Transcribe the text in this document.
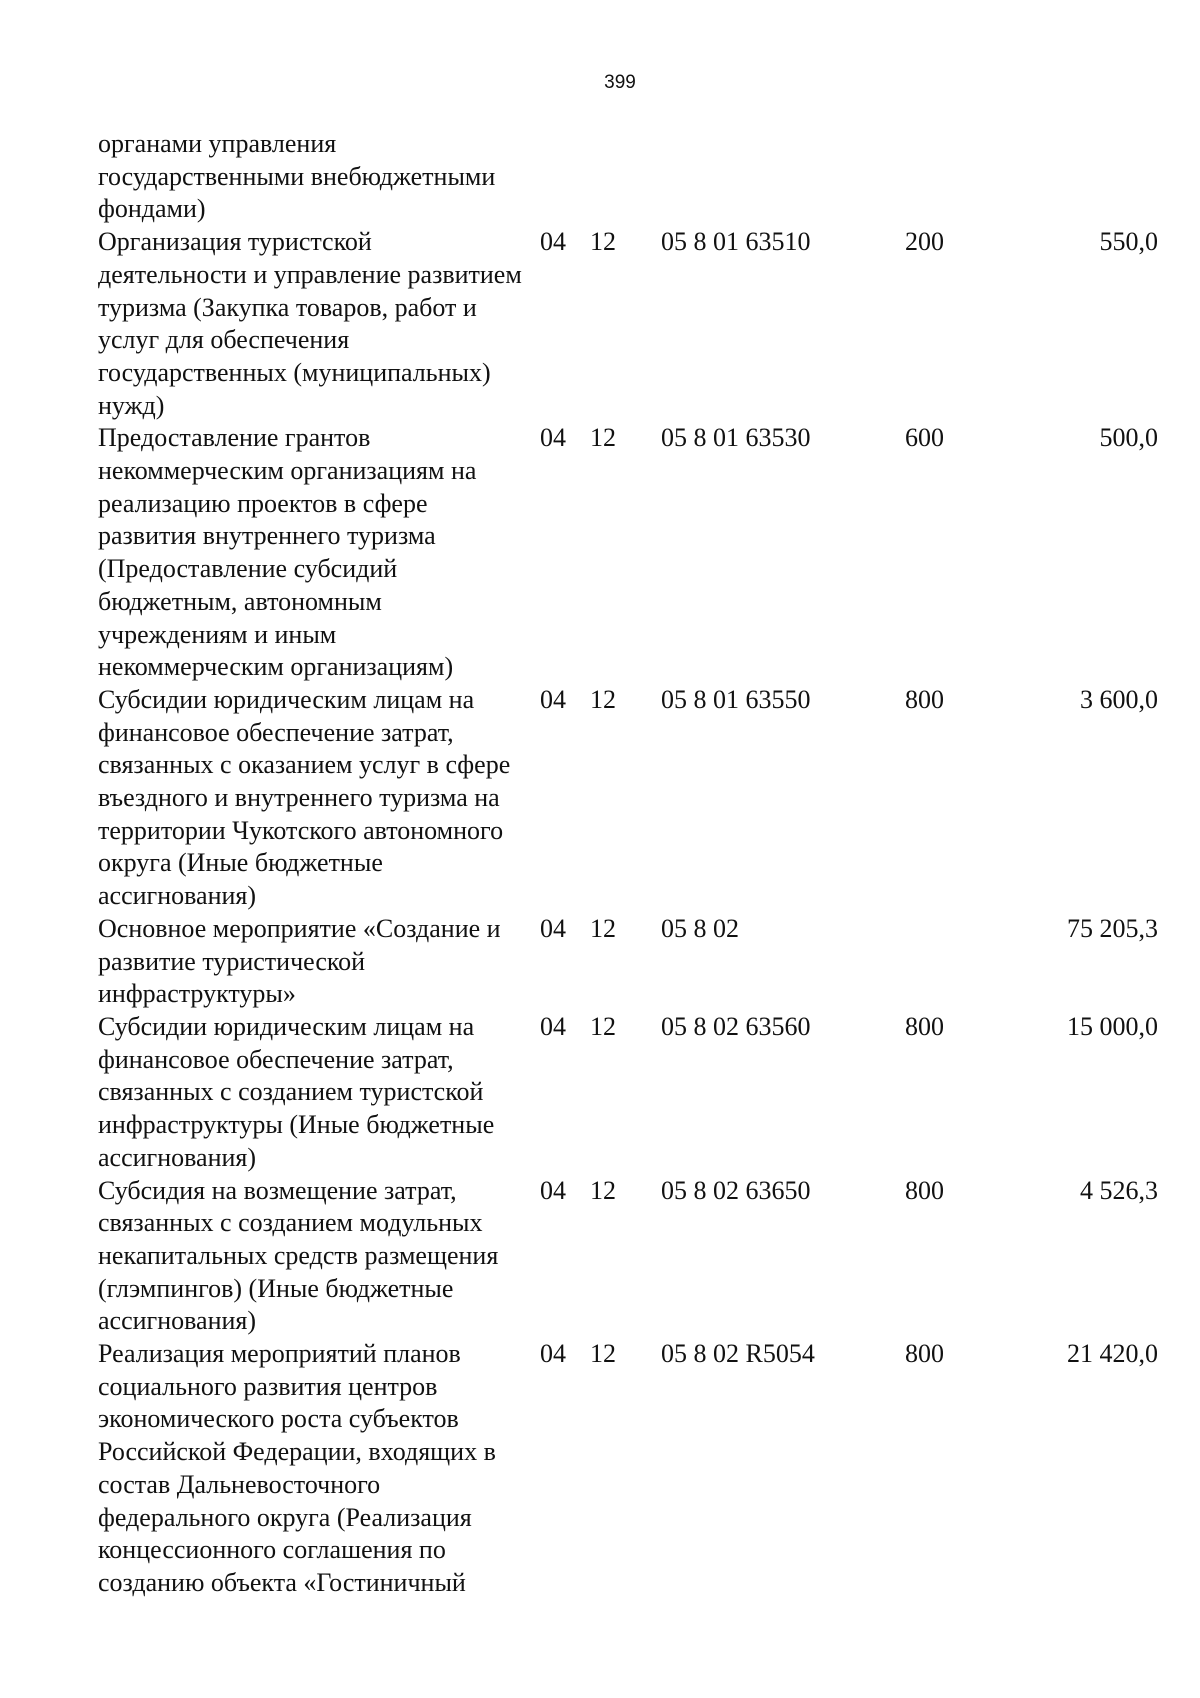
399
органами управления государственными внебюджетными фондами)					
Организация туристской деятельности и управление развитием туризма (Закупка товаров, работ и услуг для обеспечения государственных (муниципальных) нужд)	04	12	05 8 01 63510	200	550,0
Предоставление грантов некоммерческим организациям на реализацию проектов в сфере развития внутреннего туризма (Предоставление субсидий бюджетным, автономным учреждениям и иным некоммерческим организациям)	04	12	05 8 01 63530	600	500,0
Субсидии юридическим лицам на финансовое обеспечение затрат, связанных с оказанием услуг в сфере въездного и внутреннего туризма на территории Чукотского автономного округа (Иные бюджетные ассигнования)	04	12	05 8 01 63550	800	3 600,0
Основное мероприятие «Создание и развитие туристической инфраструктуры»	04	12	05 8 02		75 205,3
Субсидии юридическим лицам на финансовое обеспечение затрат, связанных с созданием туристской инфраструктуры (Иные бюджетные ассигнования)	04	12	05 8 02 63560	800	15 000,0
Субсидия на возмещение затрат, связанных с созданием модульных некапитальных средств размещения (глэмпингов) (Иные бюджетные ассигнования)	04	12	05 8 02 63650	800	4 526,3
Реализация мероприятий планов социального развития центров экономического роста субъектов Российской Федерации, входящих в состав Дальневосточного федерального округа (Реализация концессионного соглашения по созданию объекта «Гостиничный	04	12	05 8 02 R5054	800	21 420,0
